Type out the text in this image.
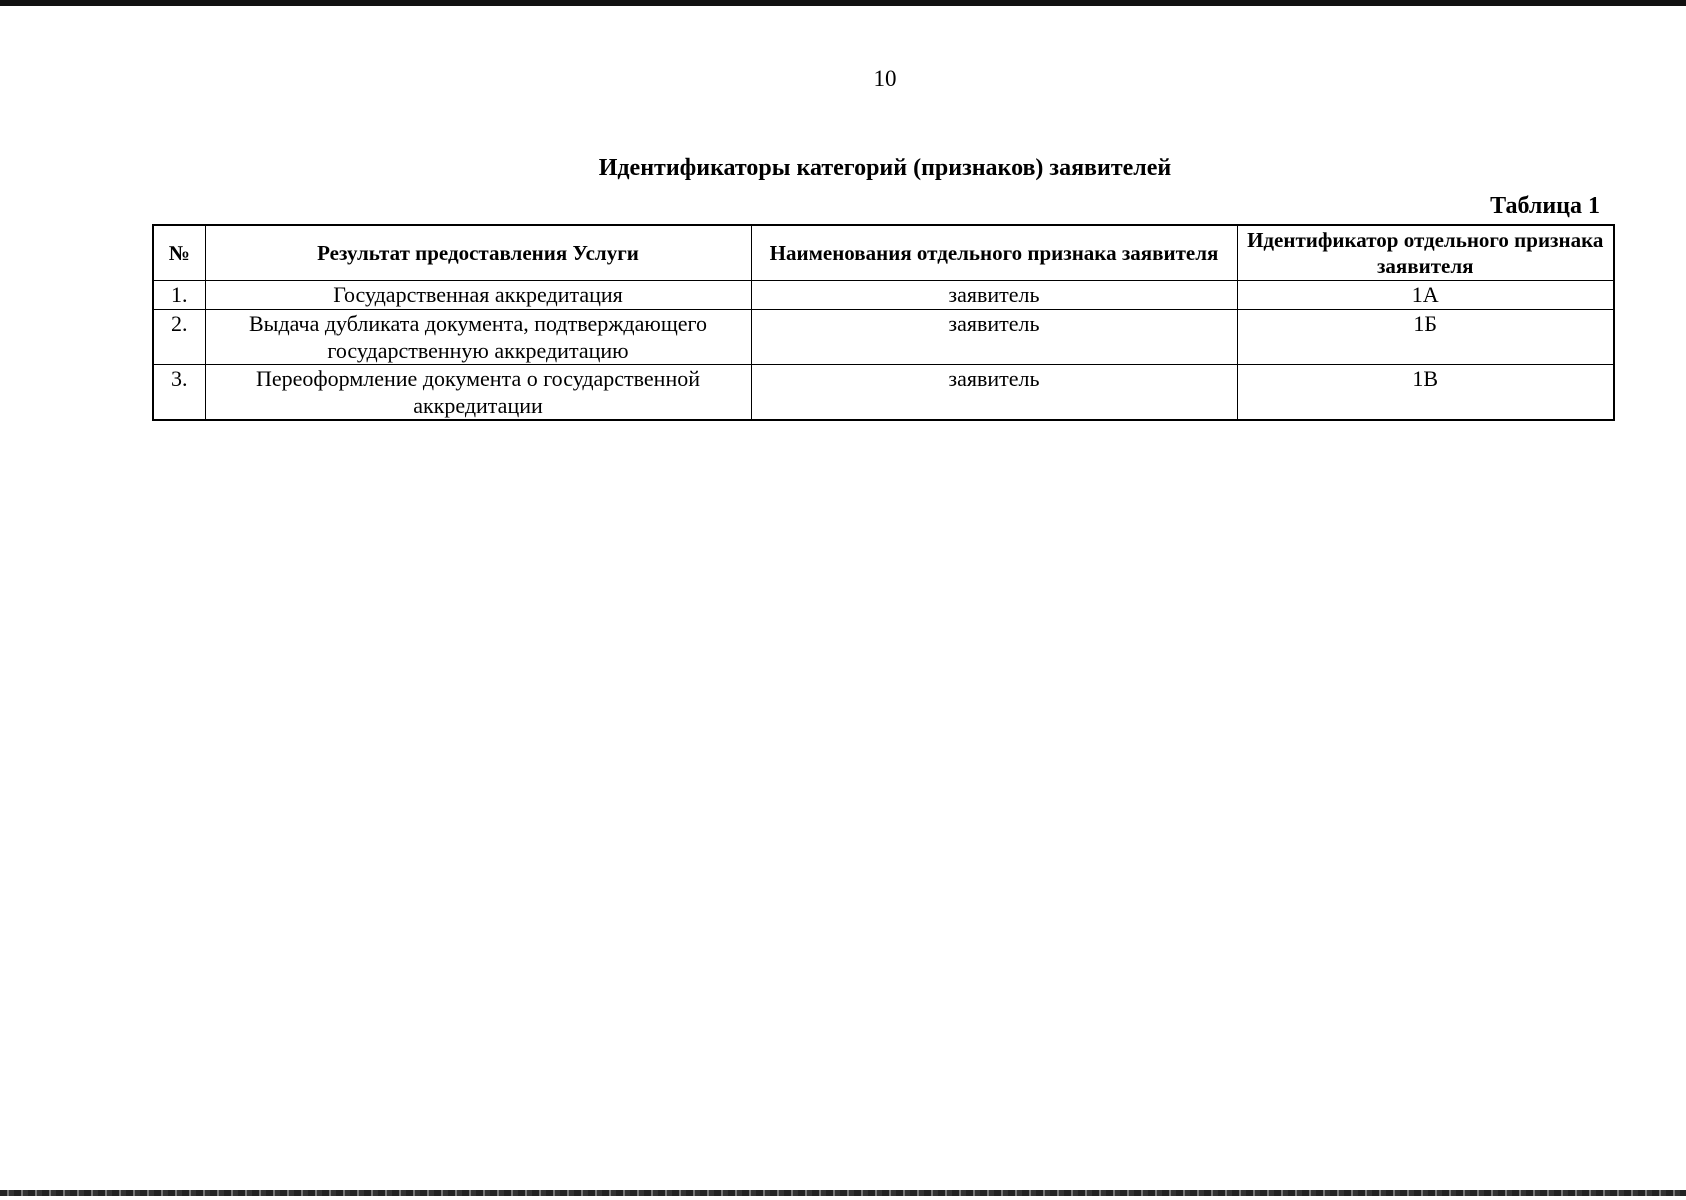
10
Идентификаторы категорий (признаков) заявителей
Таблица 1
№	Результат предоставления Услуги	Наименования отдельного признака заявителя	Идентификатор отдельного признака заявителя
1.	Государственная аккредитация	заявитель	1А
2.	Выдача дубликата документа, подтверждающего государственную аккредитацию	заявитель	1Б
3.	Переоформление документа о государственной аккредитации	заявитель	1В
